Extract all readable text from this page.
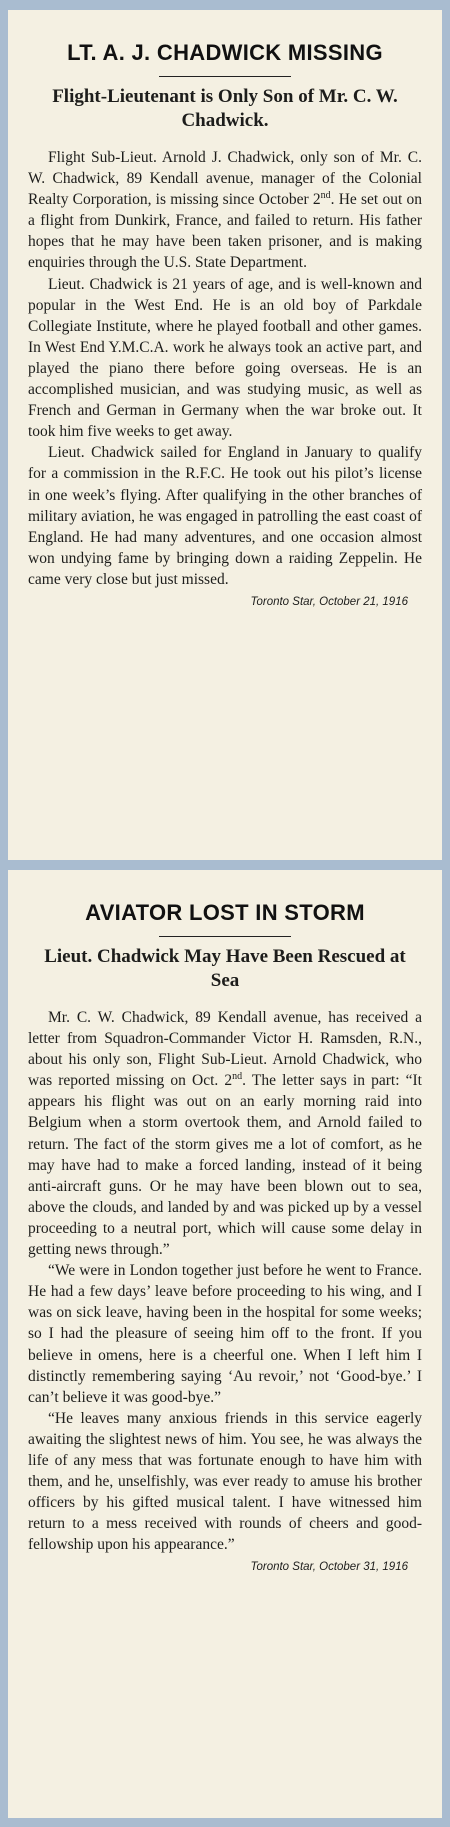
LT. A. J. CHADWICK MISSING
Flight-Lieutenant is Only Son of Mr. C. W. Chadwick.

Flight Sub-Lieut. Arnold J. Chadwick, only son of Mr. C. W. Chadwick, 89 Kendall avenue, manager of the Colonial Realty Corporation, is missing since October 2nd. He set out on a flight from Dunkirk, France, and failed to return. His father hopes that he may have been taken prisoner, and is making enquiries through the U.S. State Department.

Lieut. Chadwick is 21 years of age, and is well-known and popular in the West End. He is an old boy of Parkdale Collegiate Institute, where he played football and other games. In West End Y.M.C.A. work he always took an active part, and played the piano there before going overseas. He is an accomplished musician, and was studying music, as well as French and German in Germany when the war broke out. It took him five weeks to get away.

Lieut. Chadwick sailed for England in January to qualify for a commission in the R.F.C. He took out his pilot’s license in one week’s flying. After qualifying in the other branches of military aviation, he was engaged in patrolling the east coast of England. He had many adventures, and one occasion almost won undying fame by bringing down a raiding Zeppelin. He came very close but just missed.

Toronto Star, October 21, 1916
AVIATOR LOST IN STORM
Lieut. Chadwick May Have Been Rescued at Sea

Mr. C. W. Chadwick, 89 Kendall avenue, has received a letter from Squadron-Commander Victor H. Ramsden, R.N., about his only son, Flight Sub-Lieut. Arnold Chadwick, who was reported missing on Oct. 2nd. The letter says in part: “It appears his flight was out on an early morning raid into Belgium when a storm overtook them, and Arnold failed to return. The fact of the storm gives me a lot of comfort, as he may have had to make a forced landing, instead of it being anti-aircraft guns. Or he may have been blown out to sea, above the clouds, and landed by and was picked up by a vessel proceeding to a neutral port, which will cause some delay in getting news through.”

“We were in London together just before he went to France. He had a few days’ leave before proceeding to his wing, and I was on sick leave, having been in the hospital for some weeks; so I had the pleasure of seeing him off to the front. If you believe in omens, here is a cheerful one. When I left him I distinctly remembering saying ‘Au revoir,’ not ‘Good-bye.’ I can’t believe it was good-bye.”

“He leaves many anxious friends in this service eagerly awaiting the slightest news of him. You see, he was always the life of any mess that was fortunate enough to have him with them, and he, unselfishly, was ever ready to amuse his brother officers by his gifted musical talent. I have witnessed him return to a mess received with rounds of cheers and good-fellowship upon his appearance.”

Toronto Star, October 31, 1916
